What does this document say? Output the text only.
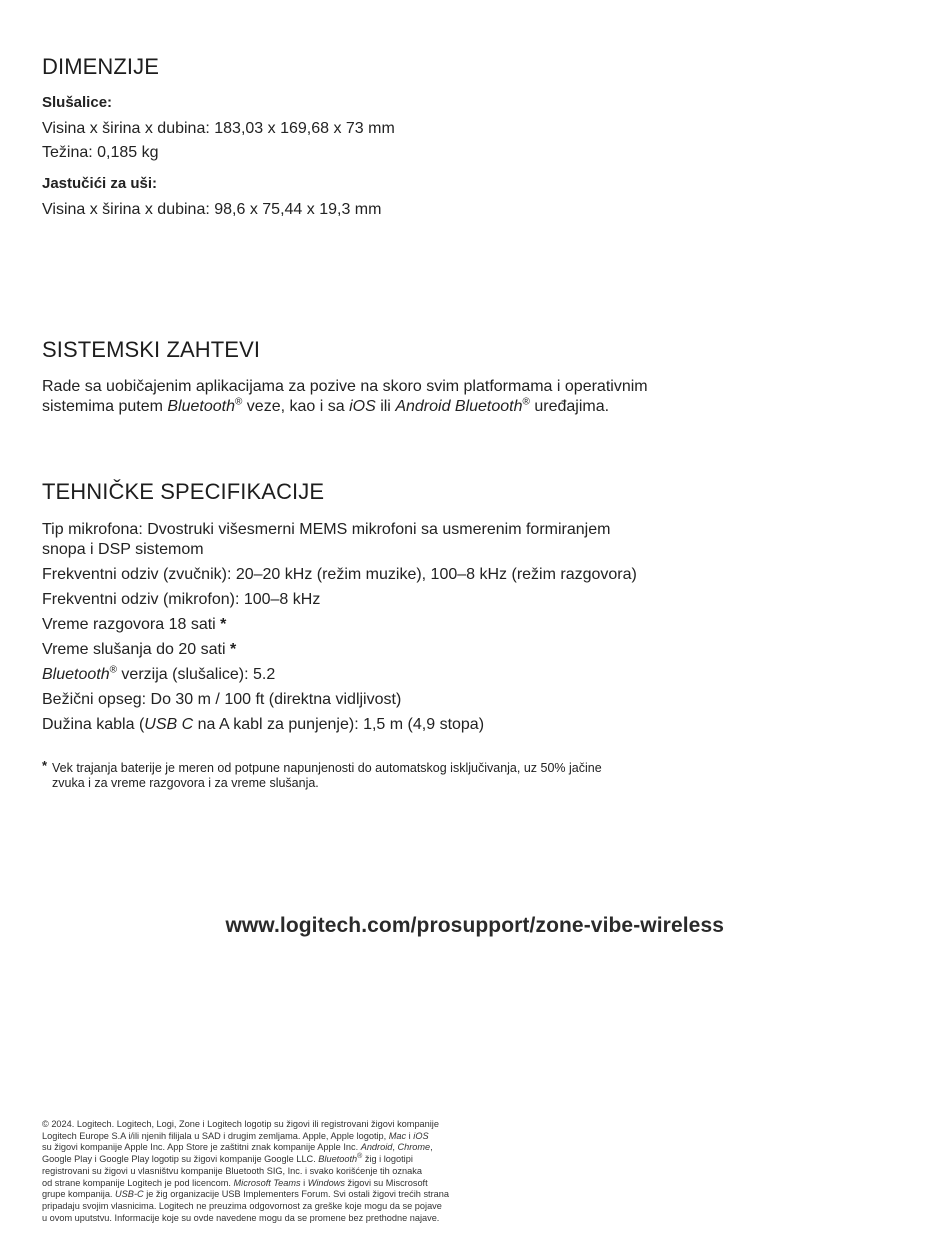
DIMENZIJE

Slušalice:

Visina x širina x dubina: 183,03 x 169,68 x 73 mm

Težina: 0,185 kg

Jastučići za uši:

Visina x širina x dubina: 98,6 x 75,44 x 19,3 mm

SISTEMSKI ZAHTEVI

Rade sa uobičajenim aplikacijama za pozive na skoro svim platformama i operativnim
sistemima putem Bluetooth® veze, kao i sa iOS ili Android Bluetooth® uređajima.

TEHNIČKE SPECIFIKACIJE

Tip mikrofona: Dvostruki višesmerni MEMS mikrofoni sa usmerenim formiranjem
snopa i DSP sistemom

Frekventni odziv (zvučnik): 20–20 kHz (režim muzike), 100–8 kHz (režim razgovora)

Frekventni odziv (mikrofon): 100–8 kHz

Vreme razgovora 18 sati *

Vreme slušanja do 20 sati *

Bluetooth® verzija (slušalice): 5.2

Bežični opseg: Do 30 m / 100 ft (direktna vidljivost)

Dužina kabla (USB C na A kabl za punjenje): 1,5 m (4,9 stopa)

* Vek trajanja baterije je meren od potpune napunjenosti do automatskog isključivanja, uz 50% jačine
zvuka i za vreme razgovora i za vreme slušanja.

www.logitech.com/prosupport/zone-vibe-wireless

© 2024. Logitech. Logitech, Logi, Zone i Logitech logotip su žigovi ili registrovani žigovi kompanije
Logitech Europe S.A i/ili njenih filijala u SAD i drugim zemljama. Apple, Apple logotip, Mac i iOS
su žigovi kompanije Apple Inc. App Store je zaštitni znak kompanije Apple Inc. Android, Chrome,
Google Play i Google Play logotip su žigovi kompanije Google LLC. Bluetooth® žig i logotipi
registrovani su žigovi u vlasništvu kompanije Bluetooth SIG, Inc. i svako korišćenje tih oznaka
od strane kompanije Logitech je pod licencom. Microsoft Teams i Windows žigovi su Miscrosoft
grupe kompanija. USB-C je žig organizacije USB Implementers Forum. Svi ostali žigovi trećih strana
pripadaju svojim vlasnicima. Logitech ne preuzima odgovornost za greške koje mogu da se pojave
u ovom uputstvu. Informacije koje su ovde navedene mogu da se promene bez prethodne najave.
